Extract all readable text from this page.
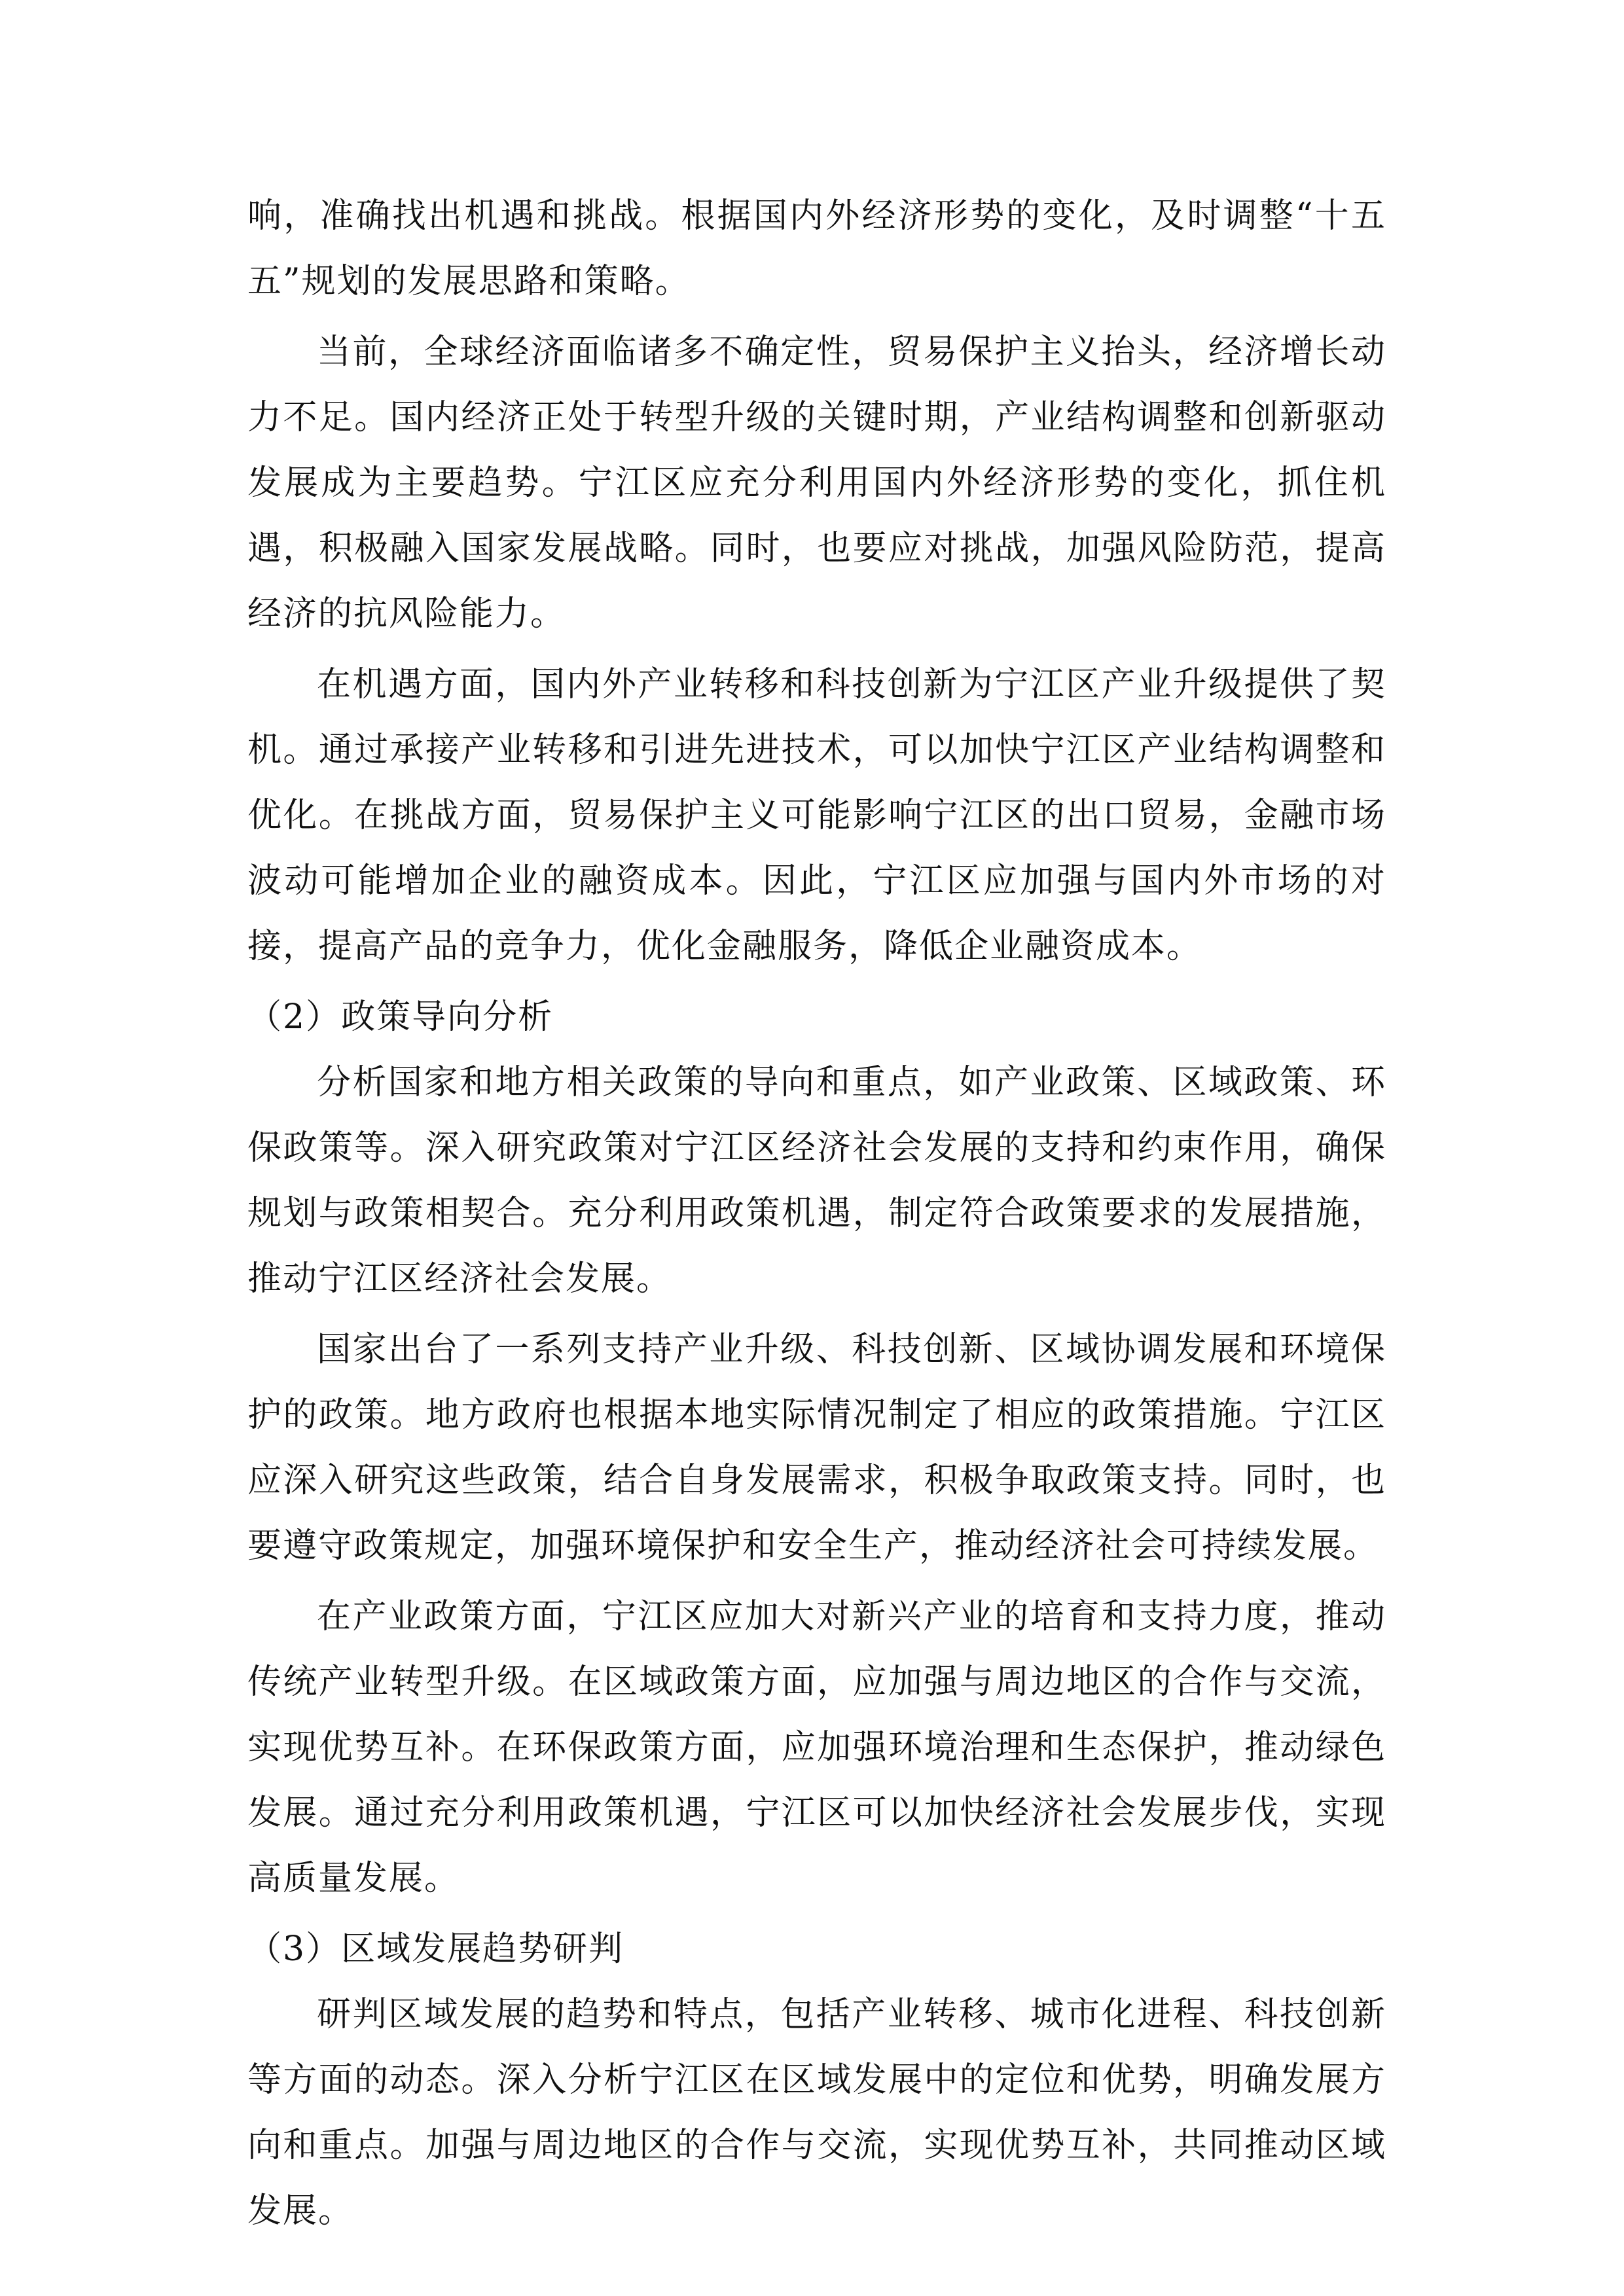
响，准确找出机遇和挑战。根据国内外经济形势的变化，及时调整“十五五”规划的发展思路和策略。

当前，全球经济面临诸多不确定性，贸易保护主义抬头，经济增长动力不足。国内经济正处于转型升级的关键时期，产业结构调整和创新驱动发展成为主要趋势。宁江区应充分利用国内外经济形势的变化，抓住机遇，积极融入国家发展战略。同时，也要应对挑战，加强风险防范，提高经济的抗风险能力。

在机遇方面，国内外产业转移和科技创新为宁江区产业升级提供了契机。通过承接产业转移和引进先进技术，可以加快宁江区产业结构调整和优化。在挑战方面，贸易保护主义可能影响宁江区的出口贸易，金融市场波动可能增加企业的融资成本。因此，宁江区应加强与国内外市场的对接，提高产品的竞争力，优化金融服务，降低企业融资成本。

（2）政策导向分析

分析国家和地方相关政策的导向和重点，如产业政策、区域政策、环保政策等。深入研究政策对宁江区经济社会发展的支持和约束作用，确保规划与政策相契合。充分利用政策机遇，制定符合政策要求的发展措施，推动宁江区经济社会发展。

国家出台了一系列支持产业升级、科技创新、区域协调发展和环境保护的政策。地方政府也根据本地实际情况制定了相应的政策措施。宁江区应深入研究这些政策，结合自身发展需求，积极争取政策支持。同时，也要遵守政策规定，加强环境保护和安全生产，推动经济社会可持续发展。

在产业政策方面，宁江区应加大对新兴产业的培育和支持力度，推动传统产业转型升级。在区域政策方面，应加强与周边地区的合作与交流，实现优势互补。在环保政策方面，应加强环境治理和生态保护，推动绿色发展。通过充分利用政策机遇，宁江区可以加快经济社会发展步伐，实现高质量发展。

（3）区域发展趋势研判

研判区域发展的趋势和特点，包括产业转移、城市化进程、科技创新等方面的动态。深入分析宁江区在区域发展中的定位和优势，明确发展方向和重点。加强与周边地区的合作与交流，实现优势互补，共同推动区域发展。
